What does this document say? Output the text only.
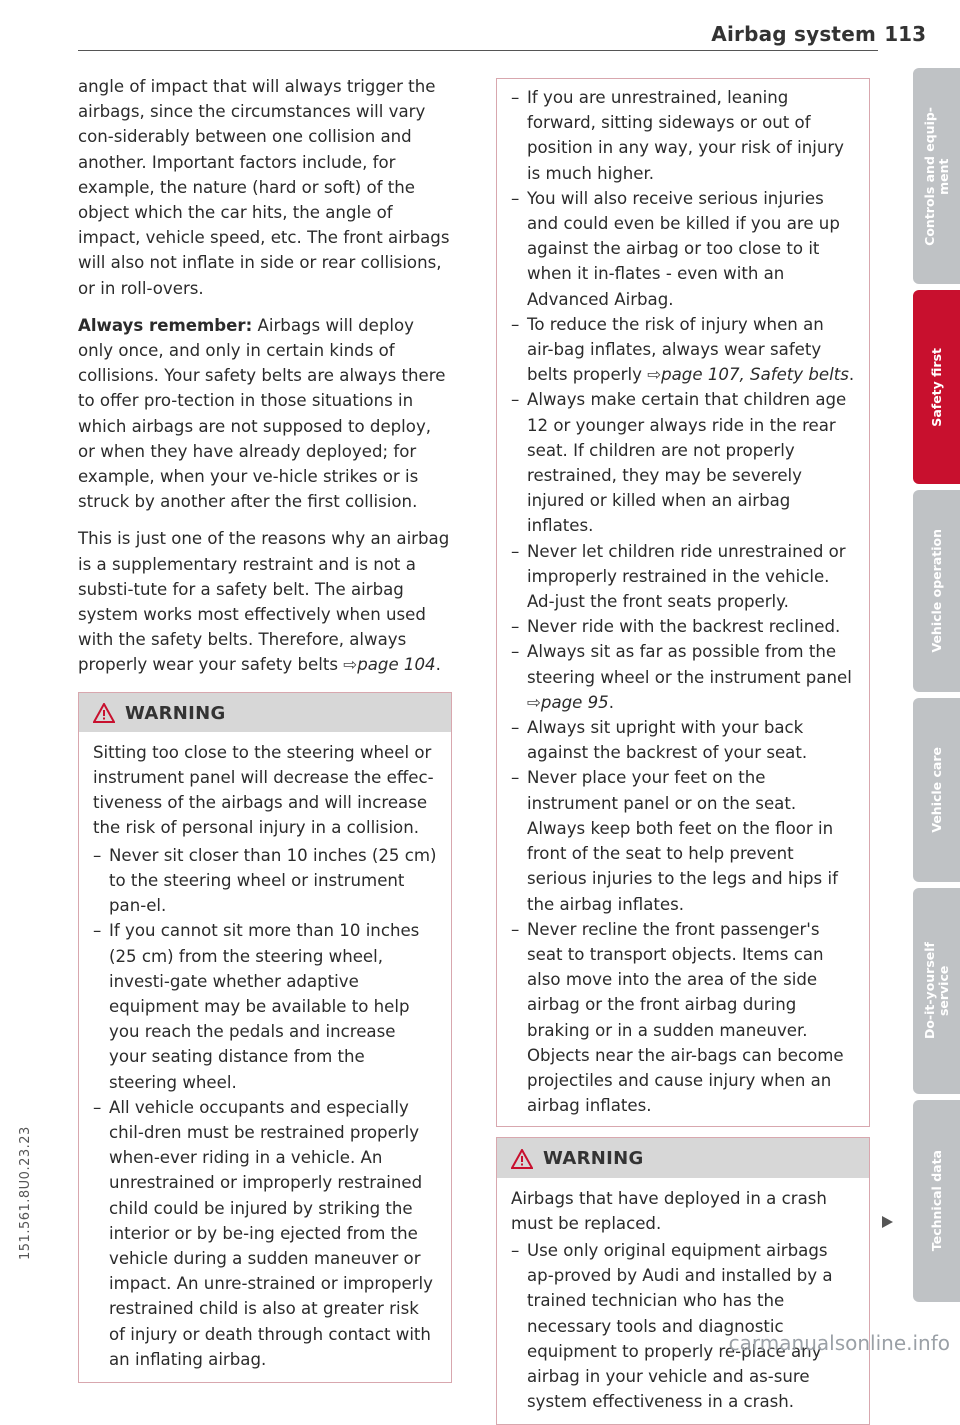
Airbag system 113

angle of impact that will always trigger the airbags, since the circumstances will vary con-siderably between one collision and another. Important factors include, for example, the nature (hard or soft) of the object which the car hits, the angle of impact, vehicle speed, etc. The front airbags will also not inflate in side or rear collisions, or in roll-overs.

Always remember: Airbags will deploy only once, and only in certain kinds of collisions. Your safety belts are always there to offer pro-tection in those situations in which airbags are not supposed to deploy, or when they have already deployed; for example, when your ve-hicle strikes or is struck by another after the first collision.

This is just one of the reasons why an airbag is a supplementary restraint and is not a substi-tute for a safety belt. The airbag system works most effectively when used with the safety belts. Therefore, always properly wear your safety belts ⇨page 104.

WARNING

Sitting too close to the steering wheel or instrument panel will decrease the effec-tiveness of the airbags and will increase the risk of personal injury in a collision.

– Never sit closer than 10 inches (25 cm) to the steering wheel or instrument pan-el.
– If you cannot sit more than 10 inches (25 cm) from the steering wheel, investi-gate whether adaptive equipment may be available to help you reach the pedals and increase your seating distance from the steering wheel.
– All vehicle occupants and especially chil-dren must be restrained properly when-ever riding in a vehicle. An unrestrained or improperly restrained child could be injured by striking the interior or by be-ing ejected from the vehicle during a sudden maneuver or impact. An unre-strained or improperly restrained child is also at greater risk of injury or death through contact with an inflating airbag.
– If you are unrestrained, leaning forward, sitting sideways or out of position in any way, your risk of injury is much higher.
– You will also receive serious injuries and could even be killed if you are up against the airbag or too close to it when it in-flates - even with an Advanced Airbag.
– To reduce the risk of injury when an air-bag inflates, always wear safety belts properly ⇨page 107, Safety belts.
– Always make certain that children age 12 or younger always ride in the rear seat. If children are not properly restrained, they may be severely injured or killed when an airbag inflates.
– Never let children ride unrestrained or improperly restrained in the vehicle. Ad-just the front seats properly.
– Never ride with the backrest reclined.
– Always sit as far as possible from the steering wheel or the instrument panel ⇨page 95.
– Always sit upright with your back against the backrest of your seat.
– Never place your feet on the instrument panel or on the seat. Always keep both feet on the floor in front of the seat to help prevent serious injuries to the legs and hips if the airbag inflates.
– Never recline the front passenger's seat to transport objects. Items can also move into the area of the side airbag or the front airbag during braking or in a sudden maneuver. Objects near the air-bags can become projectiles and cause injury when an airbag inflates.
WARNING

Airbags that have deployed in a crash must be replaced.

– Use only original equipment airbags ap-proved by Audi and installed by a trained technician who has the necessary tools and diagnostic equipment to properly re-place any airbag in your vehicle and as-sure system effectiveness in a crash.
Controls and equip-
ment
Safety first
Vehicle operation
Vehicle care
Do-it-yourself
service
Technical data
151.561.8U0.23.23
carmanualsonline.info
